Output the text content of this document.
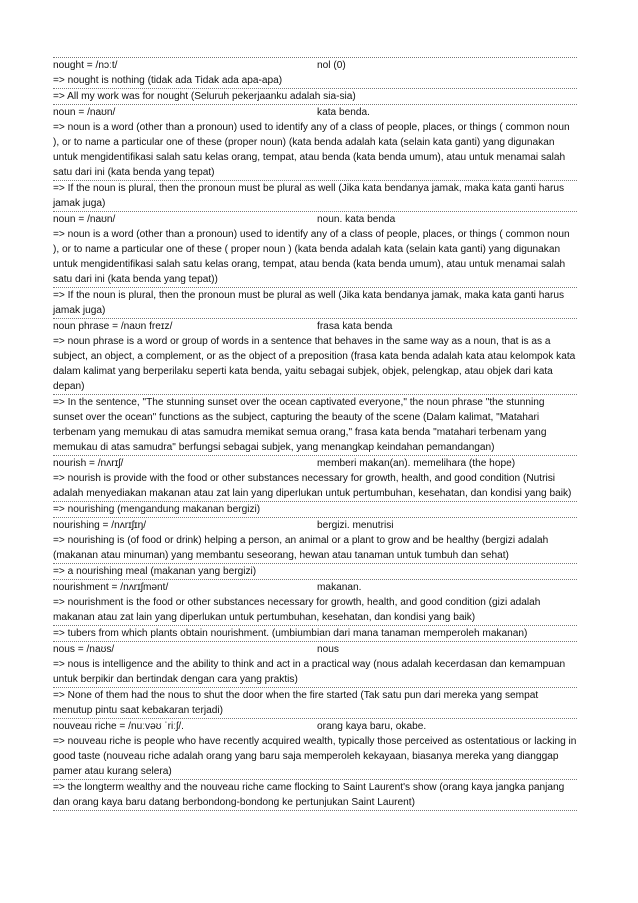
nought = /nɔːt/	nol (0)
=> nought is nothing (tidak ada Tidak ada apa-apa)
=> All my work was for nought (Seluruh pekerjaanku adalah sia-sia)
noun = /naʊn/	kata benda.
=> noun is a word (other than a pronoun) used to identify any of a class of people, places, or things ( common noun ), or to name a particular one of these (proper noun) (kata benda adalah kata (selain kata ganti) yang digunakan untuk mengidentifikasi salah satu kelas orang, tempat, atau benda (kata benda umum), atau untuk menamai salah satu dari ini (kata benda yang tepat)
=> If the noun is plural, then the pronoun must be plural as well (Jika kata bendanya jamak, maka kata ganti harus jamak juga)
noun = /naʊn/	noun. kata benda
=> noun is a word (other than a pronoun) used to identify any of a class of people, places, or things ( common noun ), or to name a particular one of these ( proper noun ) (kata benda adalah kata (selain kata ganti) yang digunakan untuk mengidentifikasi salah satu kelas orang, tempat, atau benda (kata benda umum), atau untuk menamai salah satu dari ini (kata benda yang tepat))
=> If the noun is plural, then the pronoun must be plural as well (Jika kata bendanya jamak, maka kata ganti harus jamak juga)
noun phrase = /naʊn freɪz/	frasa kata benda
=> noun phrase is a word or group of words in a sentence that behaves in the same way as a noun, that is as a subject, an object, a complement, or as the object of a preposition (frasa kata benda adalah kata atau kelompok kata dalam kalimat yang berperilaku seperti kata benda, yaitu sebagai subjek, objek, pelengkap, atau objek dari kata depan)
=> In the sentence, "The stunning sunset over the ocean captivated everyone," the noun phrase "the stunning sunset over the ocean" functions as the subject, capturing the beauty of the scene (Dalam kalimat, "Matahari terbenam yang memukau di atas samudra memikat semua orang," frasa kata benda "matahari terbenam yang memukau di atas samudra" berfungsi sebagai subjek, yang menangkap keindahan pemandangan)
nourish = /nʌrɪʃ/	memberi makan(an). memelihara (the hope)
=> nourish is provide with the food or other substances necessary for growth, health, and good condition (Nutrisi adalah menyediakan makanan atau zat lain yang diperlukan untuk pertumbuhan, kesehatan, dan kondisi yang baik)
=> nourishing (mengandung makanan bergizi)
nourishing = /nʌrɪʃɪŋ/	bergizi. menutrisi
=> nourishing is (of food or drink) helping a person, an animal or a plant to grow and be healthy (bergizi adalah (makanan atau minuman) yang membantu seseorang, hewan atau tanaman untuk tumbuh dan sehat)
=> a nourishing meal (makanan yang bergizi)
nourishment = /nʌrɪʃmənt/	makanan.
=> nourishment is the food or other substances necessary for growth, health, and good condition (gizi adalah makanan atau zat lain yang diperlukan untuk pertumbuhan, kesehatan, dan kondisi yang baik)
=> tubers from which plants obtain nourishment. (umbiumbian dari mana tanaman memperoleh makanan)
nous = /naʊs/	nous
=> nous is intelligence and the ability to think and act in a practical way (nous adalah kecerdasan dan kemampuan untuk berpikir dan bertindak dengan cara yang praktis)
=> None of them had the nous to shut the door when the fire started (Tak satu pun dari mereka yang sempat menutup pintu saat kebakaran terjadi)
nouveau riche = /nuːvəʊ ˈriːʃ/.	orang kaya baru, okabe.
=> nouveau riche is people who have recently acquired wealth, typically those perceived as ostentatious or lacking in good taste (nouveau riche adalah orang yang baru saja memperoleh kekayaan, biasanya mereka yang dianggap pamer atau kurang selera)
=> the longterm wealthy and the nouveau riche came flocking to Saint Laurent's show (orang kaya jangka panjang dan orang kaya baru datang berbondong-bondong ke pertunjukan Saint Laurent)
